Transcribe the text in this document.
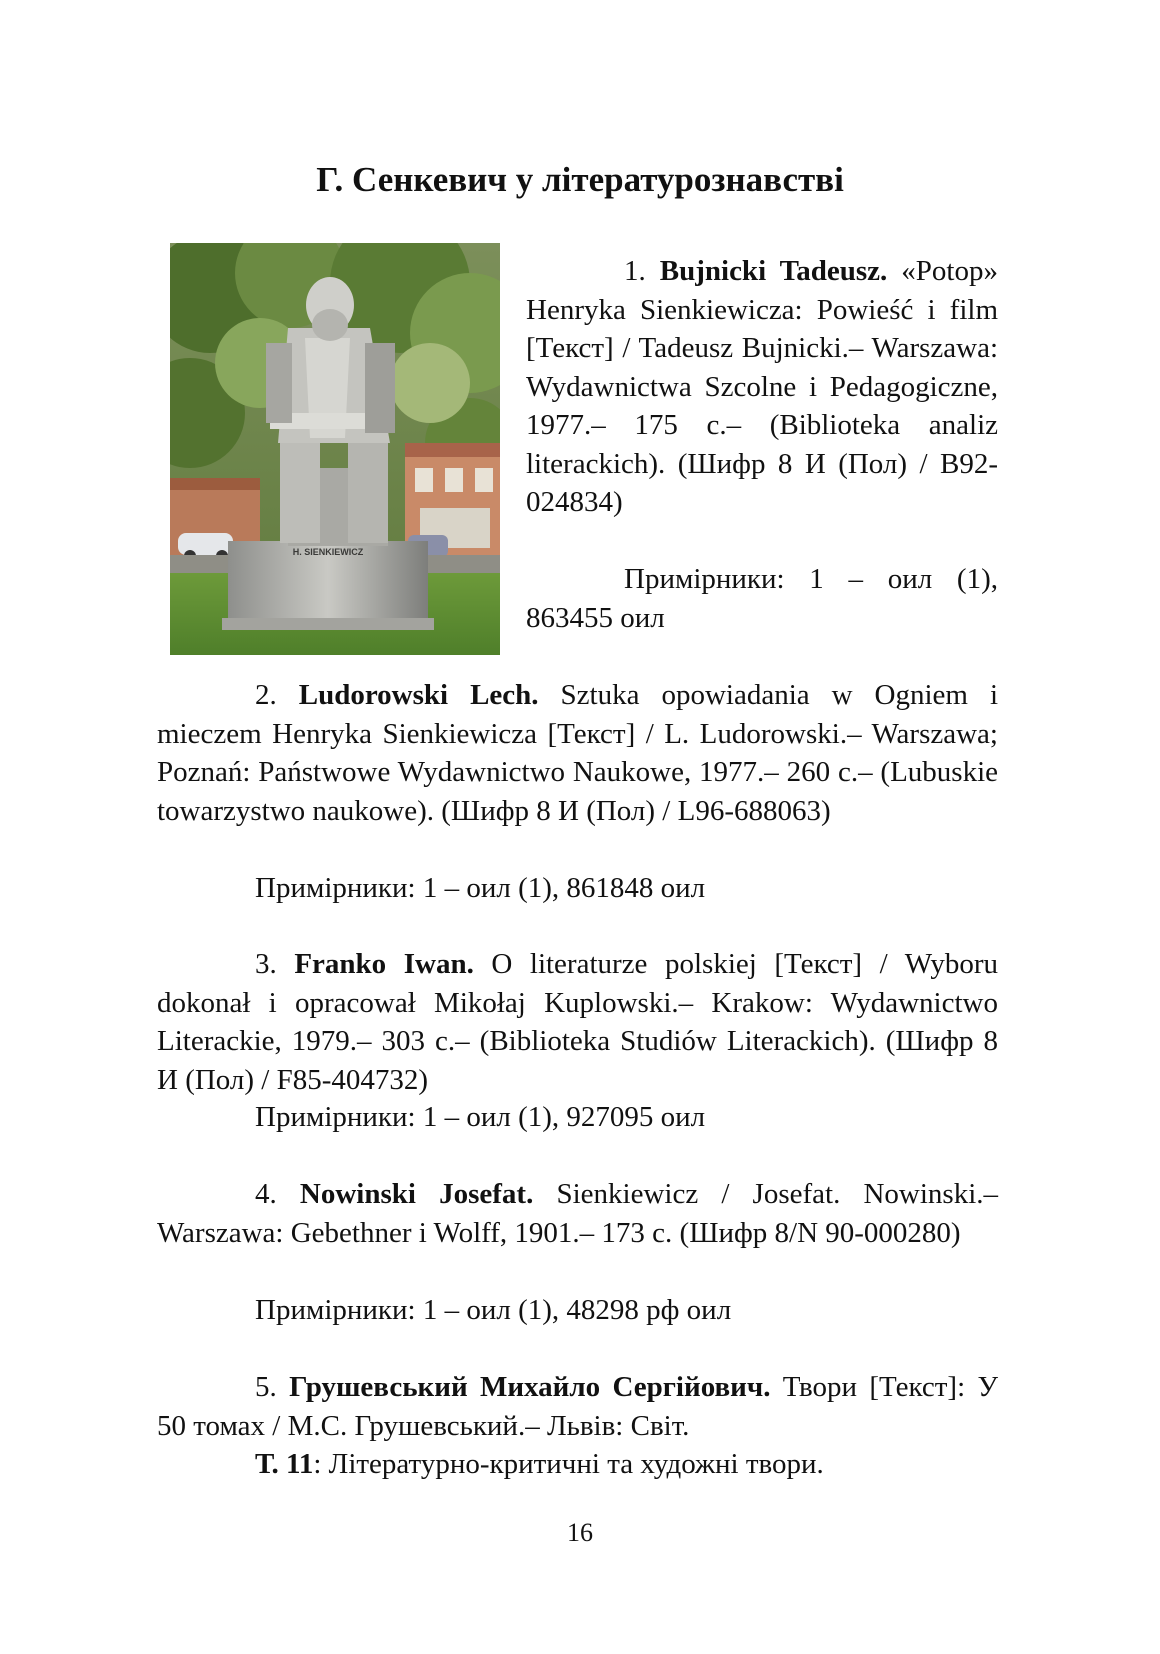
Г. Сенкевич у літературознавстві
H. SIENKIEWICZ

1. Bujnicki Tadeusz. «Potop» Henryka Sienkiewicza: Powieść i film [Текст] / Tadeusz Bujnicki.– Warszawa: Wydawnictwa Szcolne i Pedagogiczne, 1977.– 175 с.– (Biblioteka analiz literackich). (Шифр 8 И (Пол) / В92-024834)

Примірники: 1 – оил (1), 863455 оил

2. Ludorowski Lech. Sztuka opowiadania w Ogniem i mieczem Henryka Sienkiewicza [Текст] / L. Ludorowski.– Warszawa; Poznań: Państwowe Wydawnictwo Naukowe, 1977.– 260 с.– (Lubuskie towarzystwo naukowe). (Шифр 8 И (Пол) / L96-688063)

Примірники: 1 – оил (1), 861848 оил

3. Franko Iwan. O literaturze polskiej [Текст] / Wyboru dokonał i opracował Mikołaj Kuplowski.– Krakow: Wydawnictwo Literackie, 1979.– 303 с.– (Biblioteka Studiów Literackich). (Шифр 8 И (Пол) / F85-404732)

Примірники: 1 – оил (1), 927095 оил

4. Nowinski Josefat. Sienkiewicz / Josefat. Nowinski.– Warszawa: Gebethner i Wolff, 1901.– 173 с. (Шифр 8/N 90-000280)

Примірники: 1 – оил (1), 48298 рф оил

5. Грушевський Михайло Сергійович. Твори [Текст]: У 50 томах / М.С. Грушевський.– Львів: Світ.

Т. 11: Літературно-критичні та художні твори.

16
